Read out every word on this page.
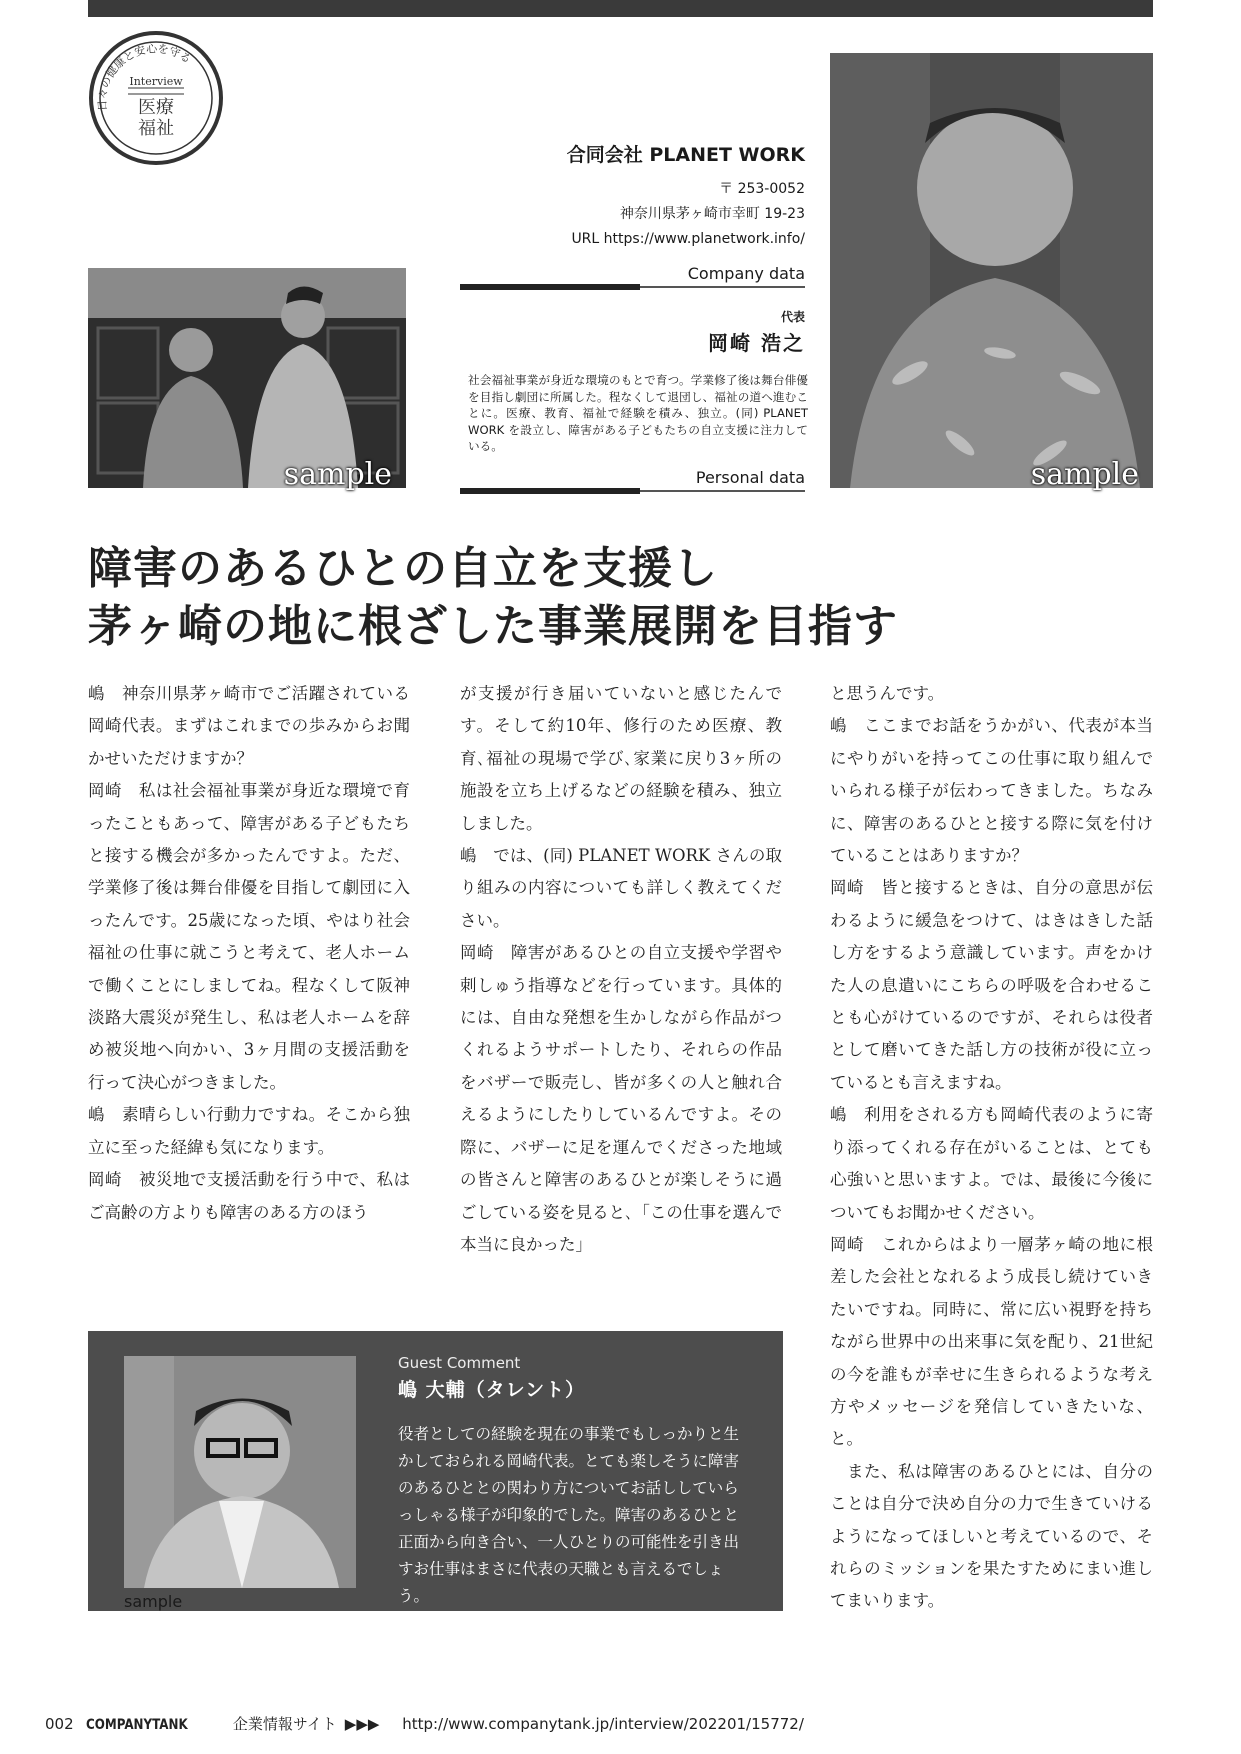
日々の健康と安心を守る
Interview
医療
福祉
sample	sample
合同会社 PLANET WORK
〒 253-0052
神奈川県茅ヶ崎市幸町 19-23
URL https://www.planetwork.info/
Company data
代表
岡崎 浩之
社会福祉事業が身近な環境のもとで育つ。学業修了後は舞台俳優を目指し劇団に所属した。程なくして退団し、福祉の道へ進むことに。医療、教育、福祉で経験を積み、独立。(同) PLANET WORK を設立し、障害がある子どもたちの自立支援に注力している。
Personal data
障害のあるひとの自立を支援し
茅ヶ崎の地に根ざした事業展開を目指す

嶋　神奈川県茅ヶ崎市でご活躍されている岡崎代表。まずはこれまでの歩みからお聞かせいただけますか？

岡崎　私は社会福祉事業が身近な環境で育ったこともあって、障害がある子どもたちと接する機会が多かったんですよ。ただ、学業修了後は舞台俳優を目指して劇団に入ったんです。25歳になった頃、やはり社会福祉の仕事に就こうと考えて、老人ホームで働くことにしましてね。程なくして阪神淡路大震災が発生し、私は老人ホームを辞め被災地へ向かい、3ヶ月間の支援活動を行って決心がつきました。

嶋　素晴らしい行動力ですね。そこから独立に至った経緯も気になります。

岡崎　被災地で支援活動を行う中で、私はご高齢の方よりも障害のある方のほう

が支援が行き届いていないと感じたんです。そして約10年、修行のため医療、教育､福祉の現場で学び､家業に戻り3ヶ所の施設を立ち上げるなどの経験を積み、独立しました。

嶋　では、(同) PLANET WORK さんの取り組みの内容についても詳しく教えてください。

岡崎　障害があるひとの自立支援や学習や刺しゅう指導などを行っています。具体的には、自由な発想を生かしながら作品がつくれるようサポートしたり、それらの作品をバザーで販売し、皆が多くの人と触れ合えるようにしたりしているんですよ。その際に、バザーに足を運んでくださった地域の皆さんと障害のあるひとが楽しそうに過ごしている姿を見ると､「この仕事を選んで本当に良かった」

と思うんです。

嶋　ここまでお話をうかがい、代表が本当にやりがいを持ってこの仕事に取り組んでいられる様子が伝わってきました。ちなみに、障害のあるひとと接する際に気を付けていることはありますか？

岡崎　皆と接するときは、自分の意思が伝わるように緩急をつけて、はきはきした話し方をするよう意識しています。声をかけた人の息遣いにこちらの呼吸を合わせることも心がけているのですが、それらは役者として磨いてきた話し方の技術が役に立っているとも言えますね。

嶋　利用をされる方も岡崎代表のように寄り添ってくれる存在がいることは、とても心強いと思いますよ。では、最後に今後についてもお聞かせください。

岡崎　これからはより一層茅ヶ崎の地に根差した会社となれるよう成長し続けていきたいですね。同時に、常に広い視野を持ちながら世界中の出来事に気を配り、21世紀の今を誰もが幸せに生きられるような考え方やメッセージを発信していきたいな、と。

　また、私は障害のあるひとには、自分のことは自分で決め自分の力で生きていけるようになってほしいと考えているので、それらのミッションを果たすためにまい進してまいります。

sample
Guest Comment
嶋 大輔（タレント）
役者としての経験を現在の事業でもしっかりと生かしておられる岡崎代表。とても楽しそうに障害のあるひととの関わり方についてお話ししていらっしゃる様子が印象的でした。障害のあるひとと正面から向き合い、一人ひとりの可能性を引き出すお仕事はまさに代表の天職とも言えるでしょう。
002 COMPANYTANK	企業情報サイト ▶▶▶ http://www.companytank.jp/interview/202201/15772/
